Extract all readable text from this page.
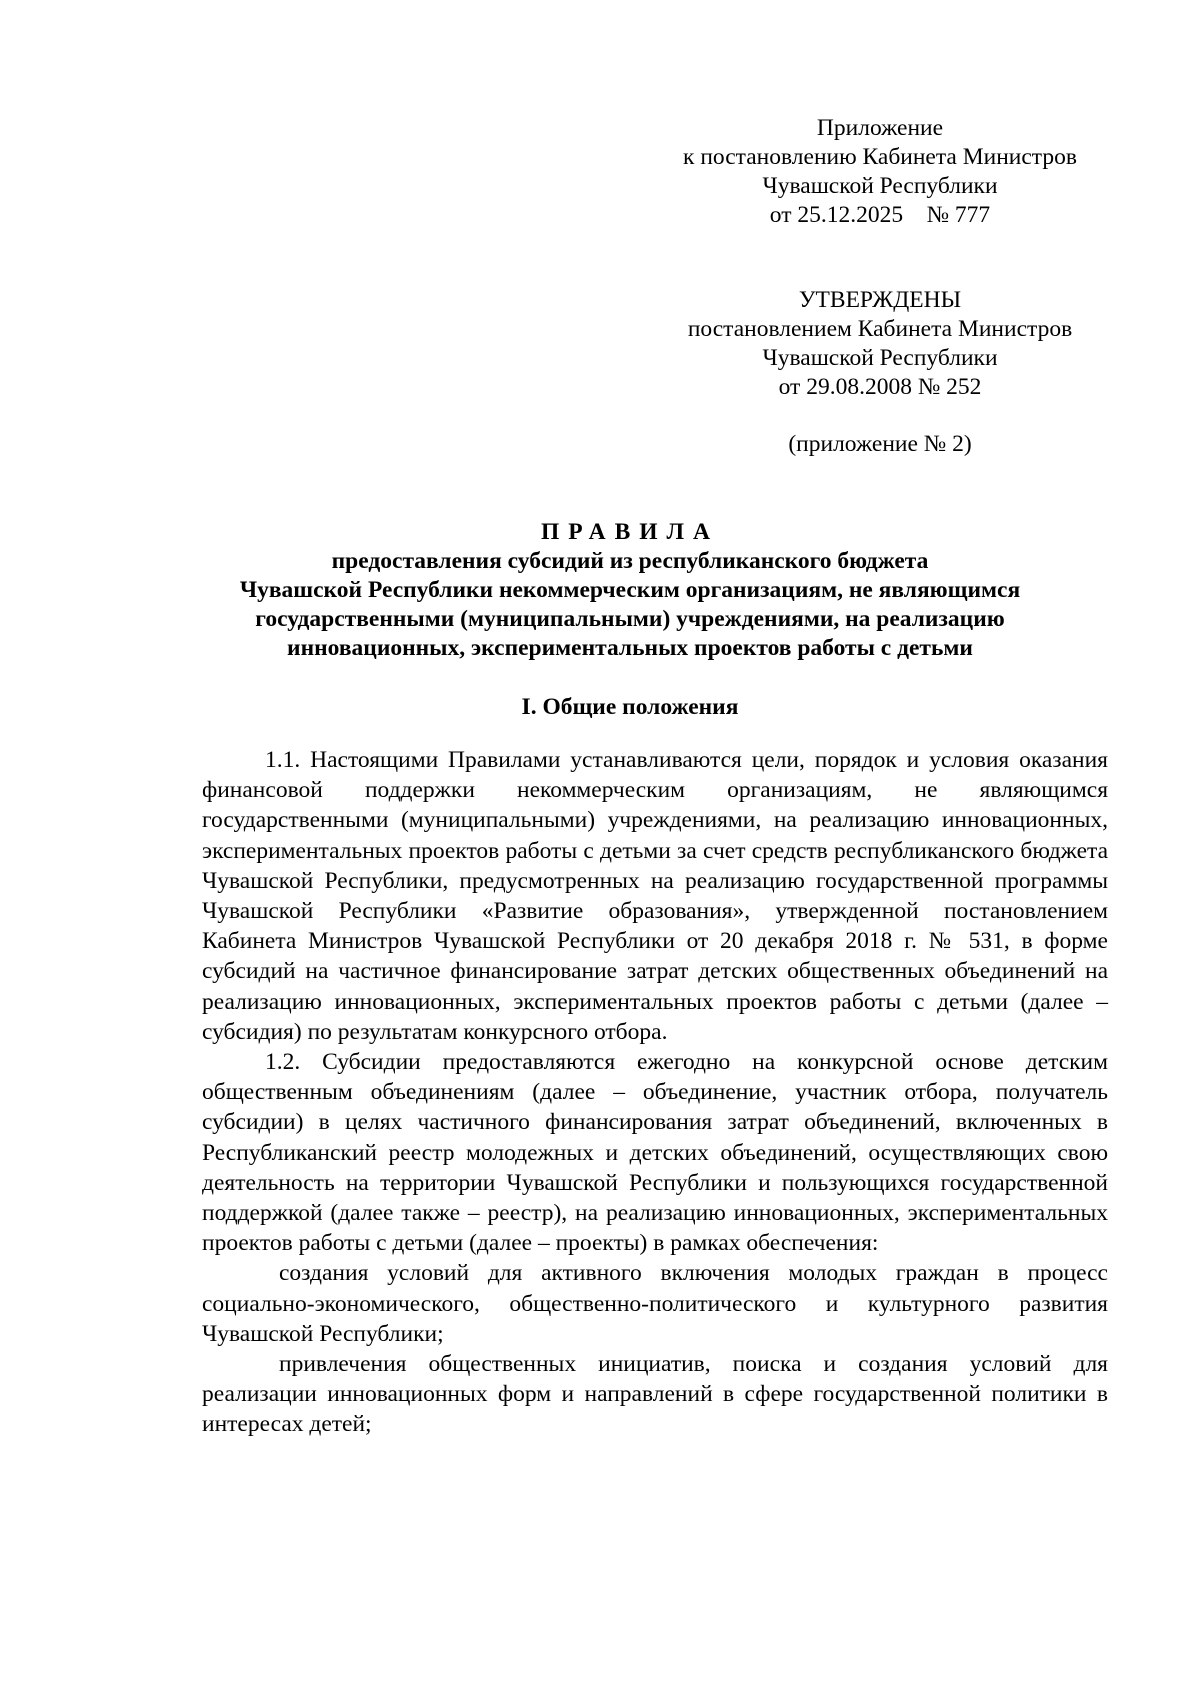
Приложение
к постановлению Кабинета Министров
Чувашской Республики
от 25.12.2025    № 777
УТВЕРЖДЕНЫ
постановлением Кабинета Министров
Чувашской Республики
от 29.08.2008 № 252
(приложение № 2)
ПРАВИЛА
предоставления субсидий из республиканского бюджета
Чувашской Республики некоммерческим организациям, не являющимся
государственными (муниципальными) учреждениями, на реализацию
инновационных, экспериментальных проектов работы с детьми
I. Общие положения

1.1. Настоящими Правилами устанавливаются цели, порядок и условия оказания финансовой поддержки некоммерческим организациям, не являющимся государственными (муниципальными) учреждениями, на реализацию инновационных, экспериментальных проектов работы с детьми за счет средств республиканского бюджета Чувашской Республики, предусмотренных на реализацию государственной программы Чувашской Республики «Развитие образования», утвержденной постановлением Кабинета Министров Чувашской Республики от 20 декабря 2018 г. № 531, в форме субсидий на частичное финансирование затрат детских общественных объединений на реализацию инновационных, экспериментальных проектов работы с детьми (далее – субсидия) по результатам конкурсного отбора.

1.2. Субсидии предоставляются ежегодно на конкурсной основе детским общественным объединениям (далее – объединение, участник отбора, получатель субсидии) в целях частичного финансирования затрат объединений, включенных в Республиканский реестр молодежных и детских объединений, осуществляющих свою деятельность на территории Чувашской Республики и пользующихся государственной поддержкой (далее также – реестр), на реализацию инновационных, экспериментальных проектов работы с детьми (далее – проекты) в рамках обеспечения:

создания условий для активного включения молодых граждан в процесс социально-экономического, общественно-политического и культурного развития Чувашской Республики;

привлечения общественных инициатив, поиска и создания условий для реализации инновационных форм и направлений в сфере государственной политики в интересах детей;
